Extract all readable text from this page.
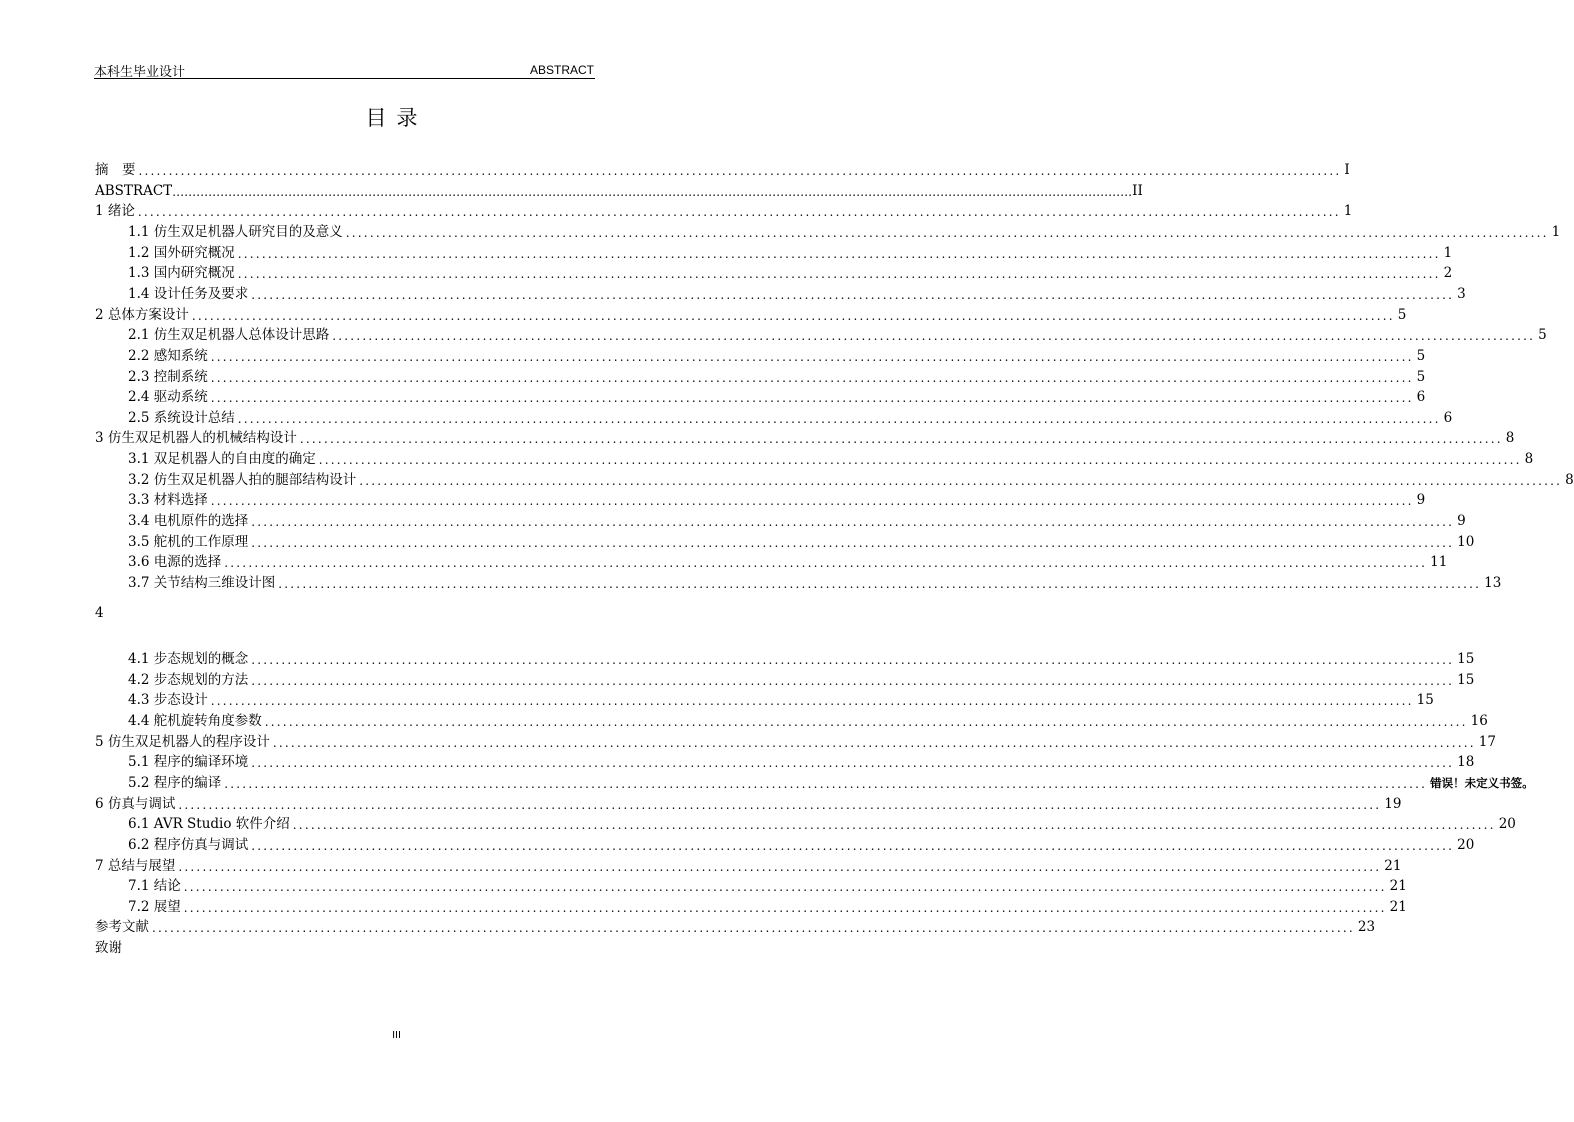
本科生毕业设计	ABSTRACT
目录
摘　要 ........................................................................................................................................................................................................ I
ABSTRACT …………………………………………………………………………………………………………………………………………………………………………………………………………………… II
1 绪论 ........................................................................................................................................................................................................ 1
1.1 仿生双足机器人研究目的及意义 ........................................................................................................................................................................................................ 1
1.2 国外研究概况 ........................................................................................................................................................................................................ 1
1.3 国内研究概况 ........................................................................................................................................................................................................ 2
1.4 设计任务及要求 ........................................................................................................................................................................................................ 3
2 总体方案设计 ........................................................................................................................................................................................................ 5
2.1 仿生双足机器人总体设计思路 ........................................................................................................................................................................................................ 5
2.2 感知系统 ........................................................................................................................................................................................................ 5
2.3 控制系统 ........................................................................................................................................................................................................ 5
2.4 驱动系统 ........................................................................................................................................................................................................ 6
2.5 系统设计总结 ........................................................................................................................................................................................................ 6
3 仿生双足机器人的机械结构设计 ........................................................................................................................................................................................................ 8
3.1 双足机器人的自由度的确定 ........................................................................................................................................................................................................ 8
3.2 仿生双足机器人拍的腿部结构设计 ........................................................................................................................................................................................................ 8
3.3 材料选择 ........................................................................................................................................................................................................ 9
3.4 电机原件的选择 ........................................................................................................................................................................................................ 9
3.5 舵机的工作原理 ........................................................................................................................................................................................................ 10
3.6 电源的选择 ........................................................................................................................................................................................................ 11
3.7 关节结构三维设计图 ........................................................................................................................................................................................................ 13
4
4.1 步态规划的概念 ........................................................................................................................................................................................................ 15
4.2 步态规划的方法 ........................................................................................................................................................................................................ 15
4.3 步态设计 ........................................................................................................................................................................................................ 15
4.4 舵机旋转角度参数 ........................................................................................................................................................................................................ 16
5 仿生双足机器人的程序设计 ........................................................................................................................................................................................................ 17
5.1 程序的编译环境 ........................................................................................................................................................................................................ 18
5.2 程序的编译 ........................................................................................................................................................................................................ 错误！未定义书签。
6 仿真与调试 ........................................................................................................................................................................................................ 19
6.1 AVR Studio 软件介绍 ........................................................................................................................................................................................................ 20
6.2 程序仿真与调试 ........................................................................................................................................................................................................ 20
7 总结与展望 ........................................................................................................................................................................................................ 21
7.1 结论 ........................................................................................................................................................................................................ 21
7.2 展望 ........................................................................................................................................................................................................ 21
参考文献 ........................................................................................................................................................................................................ 23
致谢
III
